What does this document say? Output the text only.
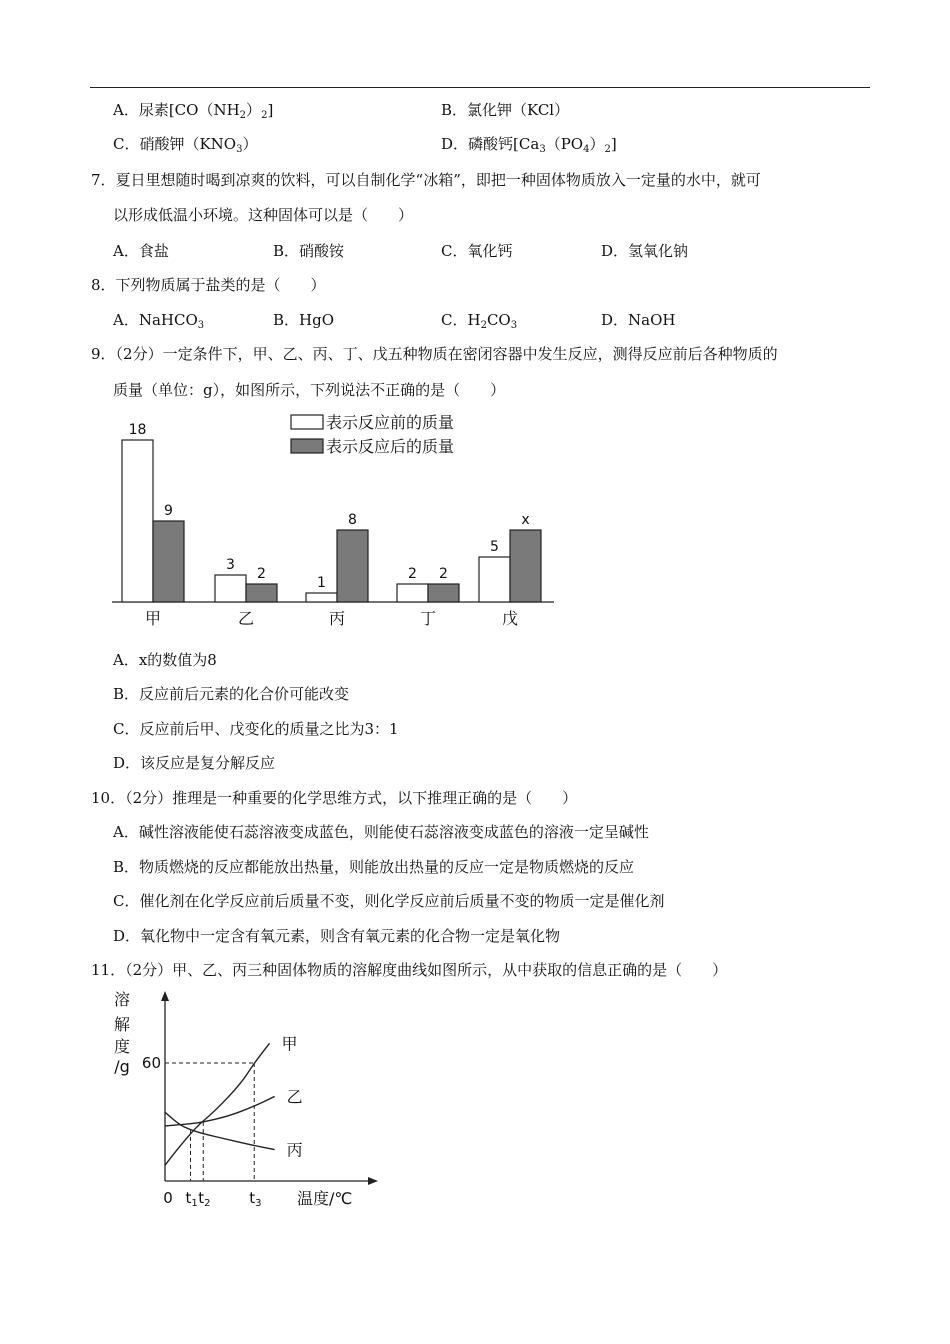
A．尿素$[CO(NH_2)_2]$	B．氯化钾（KCl）
C．硝酸钾$(KNO_3)$	D．磷酸钙$[Ca_3(PO_4)_2]$
7．夏日里想随时喝到凉爽的饮料，可以自制化学“冰箱”，即把一种固体物质放入一定量的水中，就可
以形成低温小环境。这种固体可以是（　　）
A．食盐	B．硝酸铵	C．氧化钙	D．氢氧化钠
8．下列物质属于盐类的是（　　）
A．NaHCO$_3$	B．HgO	C．$H_2CO_3$	D．NaOH
9．（2分）一定条件下，甲、乙、丙、丁、戊五种物质在密闭容器中发生反应，测得反应前后各种物质的
质量（单位：g），如图所示，下列说法不正确的是（　　）
18
9
甲
3
2
乙
1
8
丙
2 2
丁
5
x
戊
表示反应前的质量
表示反应后的质量
A．x的数值为8
B．反应前后元素的化合价可能改变
C．反应前后甲、戊变化的质量之比为3：1
D．该反应是复分解反应
10．（2分）推理是一种重要的化学思维方式，以下推理正确的是（　　）
A．碱性溶液能使石蕊溶液变成蓝色，则能使石蕊溶液变成蓝色的溶液一定呈碱性
B．物质燃烧的反应都能放出热量，则能放出热量的反应一定是物质燃烧的反应
C．催化剂在化学反应前后质量不变，则化学反应前后质量不变的物质一定是催化剂
D．氧化物中一定含有氧元素，则含有氧元素的化合物一定是氧化物
11．（2分）甲、乙、丙三种固体物质的溶解度曲线如图所示，从中获取的信息正确的是（　　）
溶
解
度
/g 60
0	温度/℃
$t_1$ $t_2$	$t_3$
甲
乙
丙
